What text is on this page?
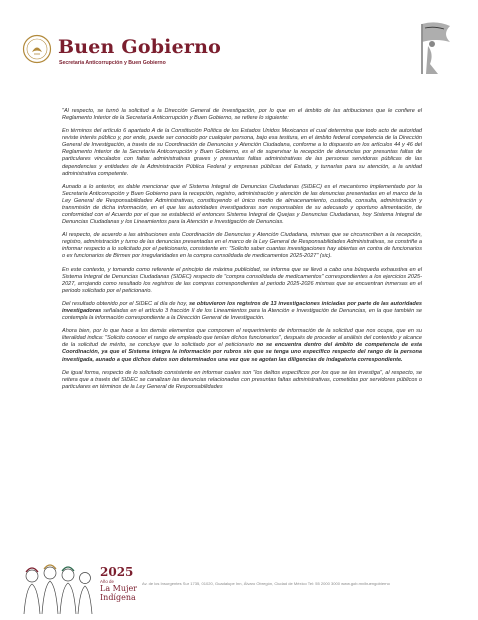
Buen Gobierno
Secretaría Anticorrupción y Buen Gobierno

"Al respecto, se turnó la solicitud a la Dirección General de Investigación, por lo que en el ámbito de las atribuciones que le confiere el Reglamento Interior de la Secretaría Anticorrupción y Buen Gobierno, se refiere lo siguiente:

En términos del artículo 6 apartado A de la Constitución Política de los Estados Unidos Mexicanos el cual determina que todo acto de autoridad reviste interés público y, por ende, puede ser conocido por cualquier persona, bajo esa tesitura, en el ámbito federal competencia de la Dirección General de Investigación, a través de su Coordinación de Denuncias y Atención Ciudadana, conforme a lo dispuesto en los artículos 44 y 46 del Reglamento Interior de la Secretaría Anticorrupción y Buen Gobierno, es el de supervisar la recepción de denuncias por presuntas faltas de particulares vinculados con faltas administrativas graves y presuntas faltas administrativas de las personas servidoras públicas de las dependencias y entidades de la Administración Pública Federal y empresas públicas del Estado, y turnarlas para su atención, a la unidad administrativa competente.

Aunado a lo anterior, es dable mencionar que el Sistema Integral de Denuncias Ciudadanas (SIDEC) es el mecanismo implementado por la Secretaría Anticorrupción y Buen Gobierno para la recepción, registro, administración y atención de las denuncias presentadas en el marco de la Ley General de Responsabilidades Administrativas, constituyendo el único medio de almacenamiento, custodia, consulta, administración y transmisión de dicha información, en el que las autoridades investigadoras son responsables de su adecuado y oportuno alimentación, de conformidad con el Acuerdo por el que se estableció el entonces Sistema Integral de Quejas y Denuncias Ciudadanas, hoy Sistema Integral de Denuncias Ciudadanas y los Lineamientos para la Atención e Investigación de Denuncias.

Al respecto, de acuerdo a las atribuciones esta Coordinación de Denuncias y Atención Ciudadana, mismas que se circunscriben a la recepción, registro, administración y turno de las denuncias presentadas en el marco de la Ley General de Responsabilidades Administrativas, se constriñe a informar respecto a lo solicitado por el peticionario, consistente en: "Solicito saber cuantas investigaciones hay abiertas en contra de funcionarios o ex funcionarios de Birmex por irregularidades en la compra consolidada de medicamentos 2025-2027" (sic).

En este contexto, y tomando como referente el principio de máxima publicidad, se informa que se llevó a cabo una búsqueda exhaustiva en el Sistema Integral de Denuncias Ciudadanas (SIDEC) respecto de "compra consolidada de medicamentos" correspondientes a los ejercicios 2025-2027, arrojando como resultado los registros de las compras correspondientes al periodo 2025-2026 mismas que se encuentran inmersas en el periodo solicitado por el peticionario.

Del resultado obtenido por el SIDEC al día de hoy, se obtuvieron los registros de 13 investigaciones iniciadas por parte de las autoridades investigadoras señaladas en el artículo 3 fracción II de los Lineamientos para la Atención e Investigación de Denuncias, en la que también se contempla la información correspondiente a la Dirección General de Investigación.

Ahora bien, por lo que hace a los demás elementos que componen el requerimiento de información de la solicitud que nos ocupa, que en su literalidad indica: "Solicito conocer el rango de empleado que tenían dichos funcionarios", después de proceder al análisis del contenido y alcance de la solicitud de mérito, se concluye que lo solicitado por el peticionario no se encuentra dentro del ámbito de competencia de esta Coordinación, ya que el Sistema integra la información por rubros sin que se tenga uno específico respecto del rango de la persona investigada, aunado a que dichos datos son determinados una vez que se agotan las diligencias de indagatoria correspondiente.

De igual forma, respecto de lo solicitado consistente en informar cuales son "los delitos específicos por los que se les investiga", al respecto, se reitera que a través del SIDEC se canalizan las denuncias relacionadas con presuntas faltas administrativas, cometidas por servidores públicos o particulares en términos de la Ley General de Responsabilidades

2025
Año de
La Mujer
Indígena
Av. de los Insurgentes Sur 1735, 01020, Guadalupe Inn, Álvaro Obregón, Ciudad de México Tel: 55 2000 3000 www.gob.mx/buengobierno
